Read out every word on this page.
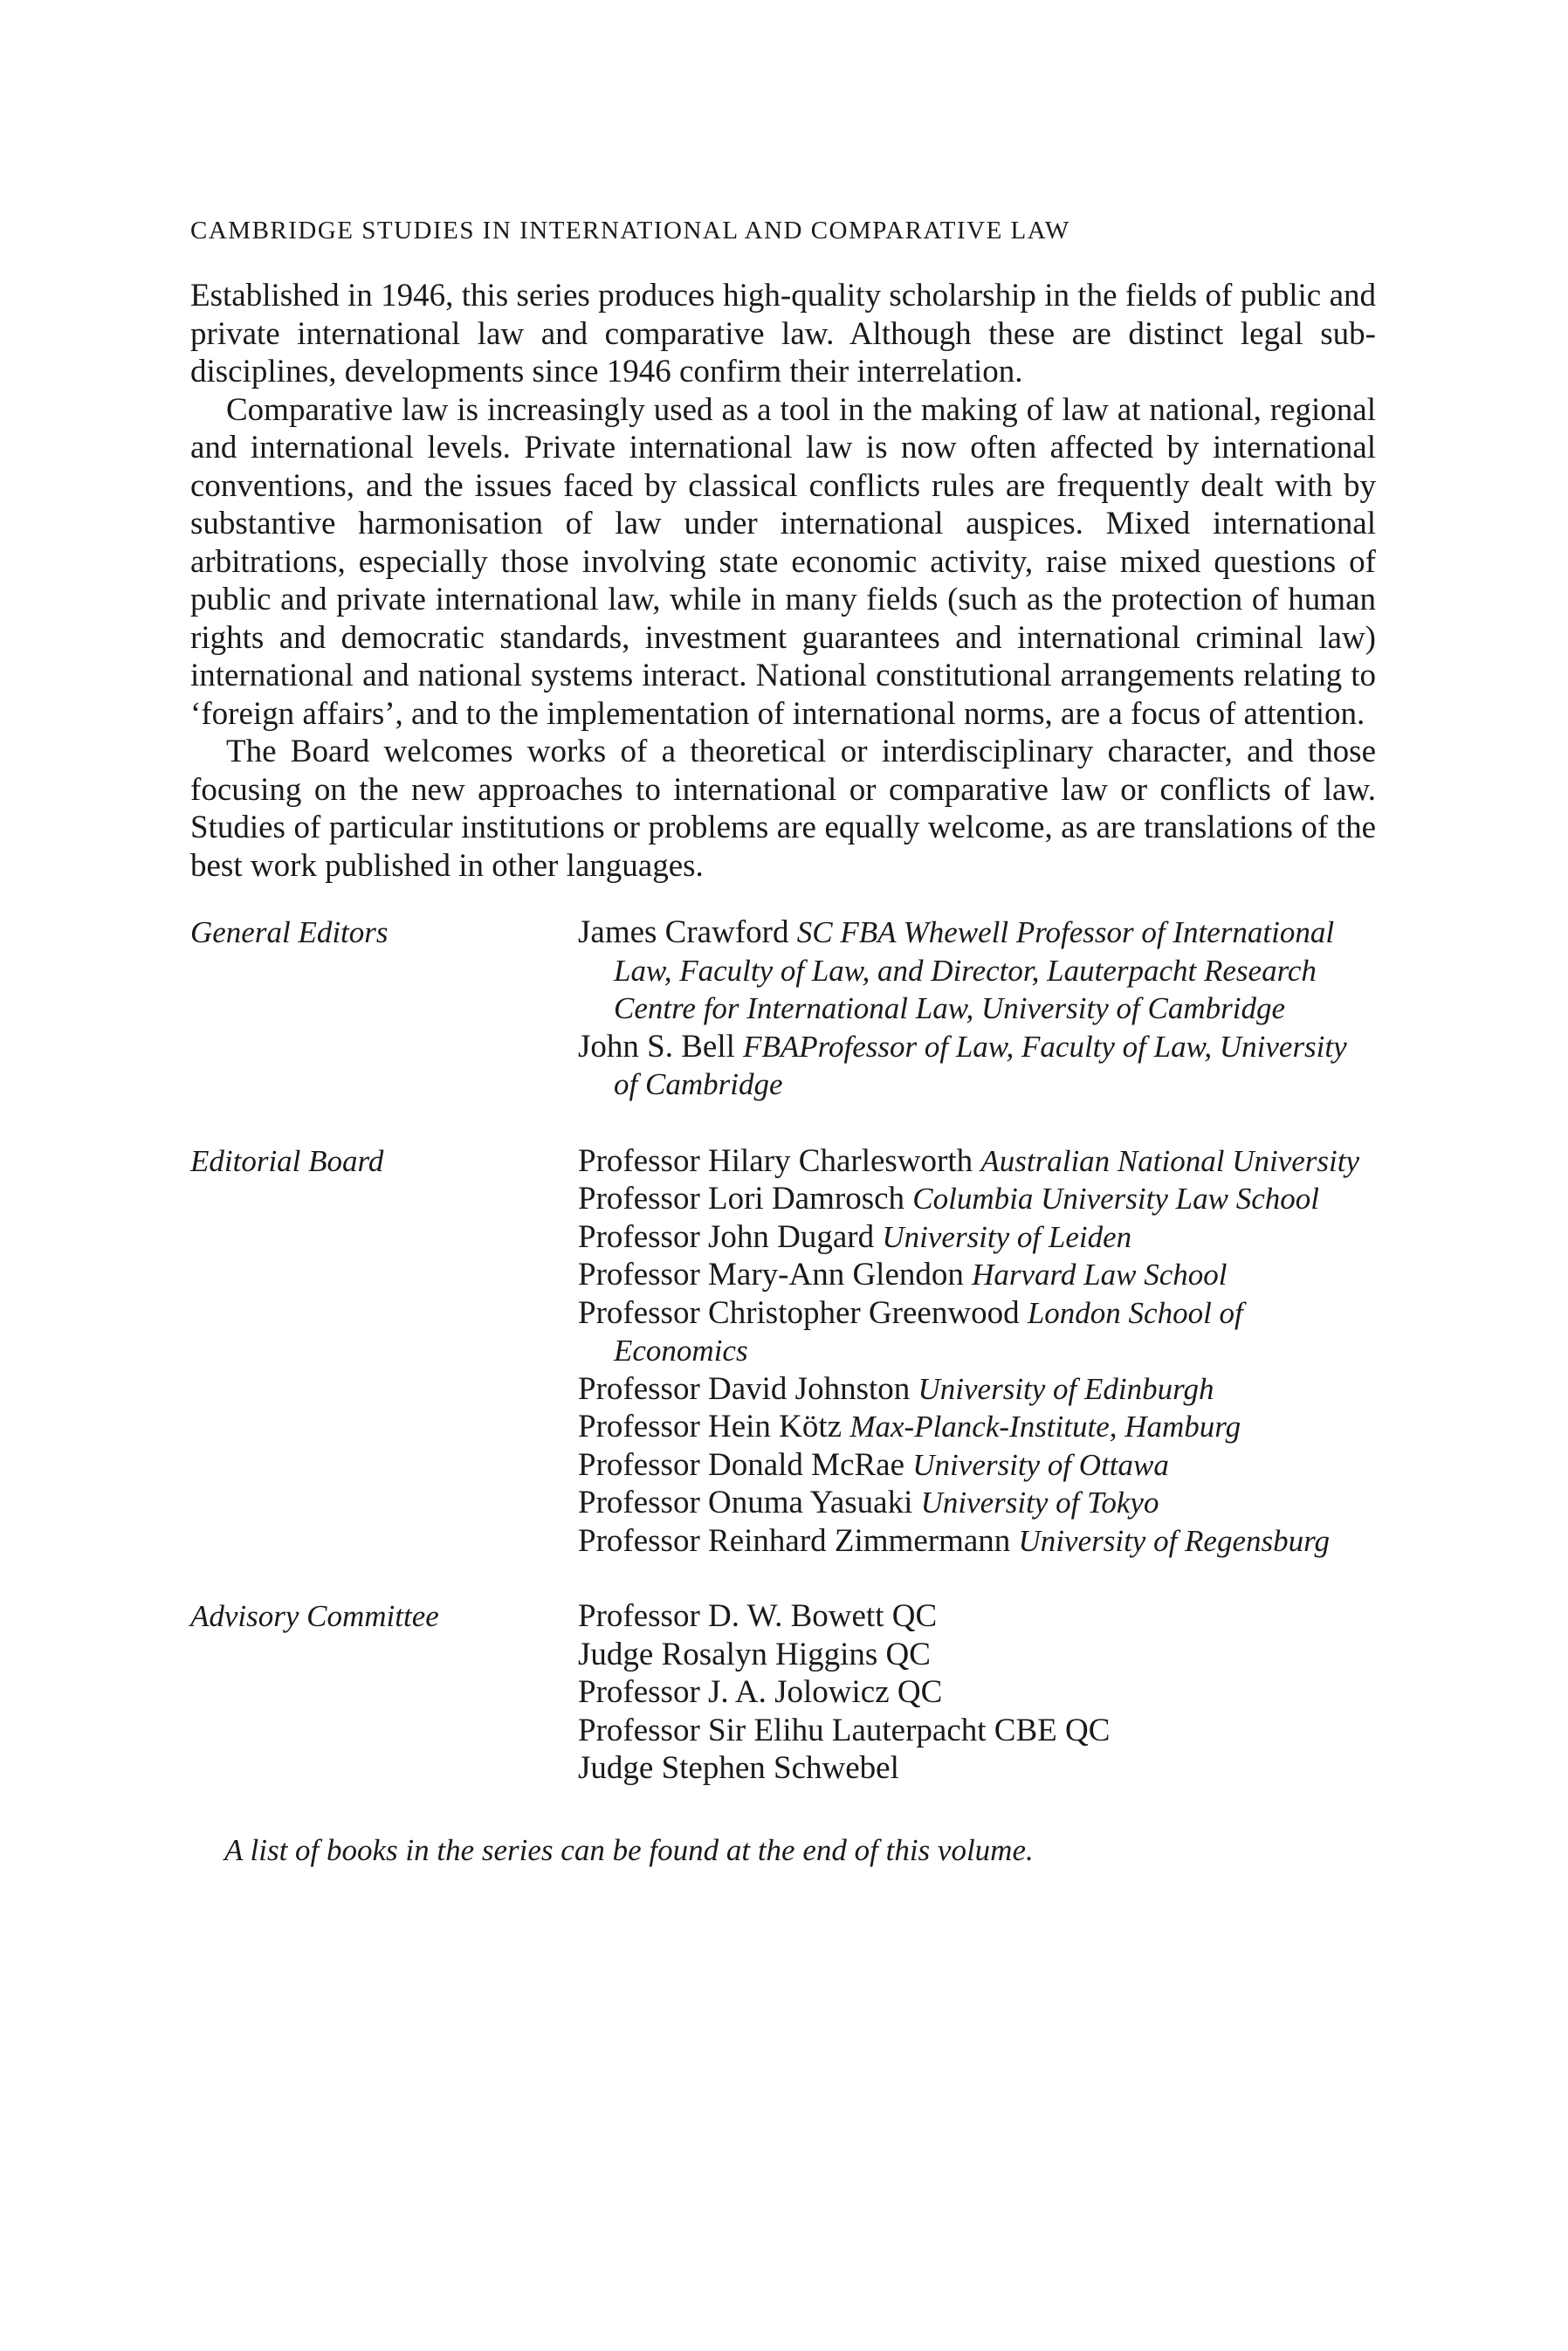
CAMBRIDGE STUDIES IN INTERNATIONAL AND COMPARATIVE LAW

Established in 1946, this series produces high-quality scholarship in the fields of public and private international law and comparative law. Although these are distinct legal sub-disciplines, developments since 1946 confirm their interrelation.

Comparative law is increasingly used as a tool in the making of law at national, regional and international levels. Private international law is now often affected by international conventions, and the issues faced by classical conflicts rules are frequently dealt with by substantive harmonisation of law under international auspices. Mixed international arbitrations, especially those involving state economic activity, raise mixed questions of public and private international law, while in many fields (such as the protection of human rights and democratic standards, investment guarantees and international criminal law) international and national systems interact. National constitutional arrangements relating to ‘foreign affairs’, and to the implementation of international norms, are a focus of attention.

The Board welcomes works of a theoretical or interdisciplinary character, and those focusing on the new approaches to international or comparative law or conflicts of law. Studies of particular institutions or problems are equally welcome, as are translations of the best work published in other languages.

General Editors	James Crawford SC FBA Whewell Professor of International Law, Faculty of Law, and Director, Lauterpacht Research Centre for International Law, University of Cambridge
John S. Bell FBAProfessor of Law, Faculty of Law, University of Cambridge
Editorial Board	Professor Hilary Charlesworth Australian National University
Professor Lori Damrosch Columbia University Law School
Professor John Dugard University of Leiden
Professor Mary-Ann Glendon Harvard Law School
Professor Christopher Greenwood London School of Economics
Professor David Johnston University of Edinburgh
Professor Hein Kötz Max-Planck-Institute, Hamburg
Professor Donald McRae University of Ottawa
Professor Onuma Yasuaki University of Tokyo
Professor Reinhard Zimmermann University of Regensburg
Advisory Committee	Professor D. W. Bowett QC
Judge Rosalyn Higgins QC
Professor J. A. Jolowicz QC
Professor Sir Elihu Lauterpacht CBE QC
Judge Stephen Schwebel
A list of books in the series can be found at the end of this volume.
